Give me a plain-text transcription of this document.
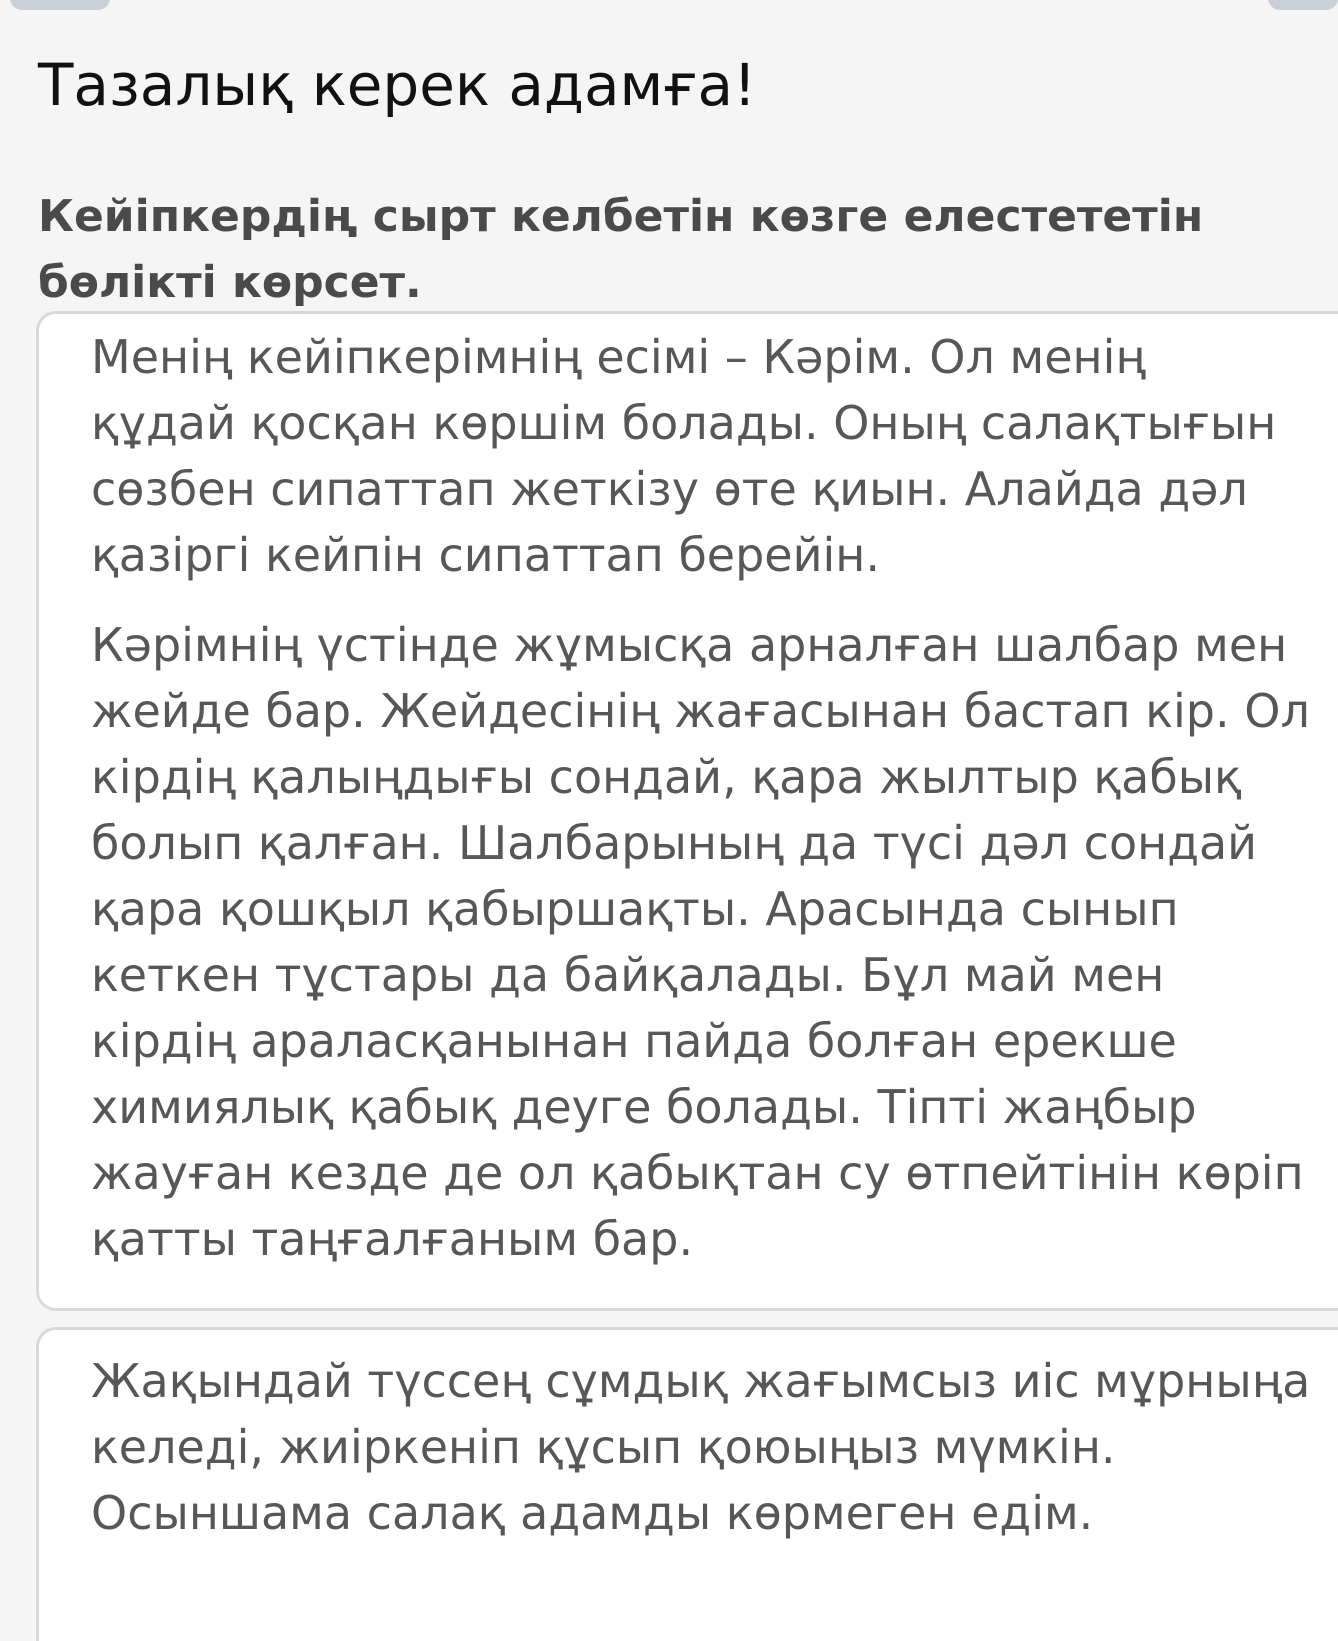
Тазалық керек адамға!
Кейіпкердің сырт келбетін көзге елестететін
бөлікті көрсет.

Менің кейіпкерімнің есімі – Кәрім. Ол менің
құдай қосқан көршім болады. Оның салақтығын
сөзбен сипаттап жеткізу өте қиын. Алайда дәл
қазіргі кейпін сипаттап берейін.

Кәрімнің үстінде жұмысқа арналған шалбар мен
жейде бар. Жейдесінің жағасынан бастап кір. Ол
кірдің қалыңдығы сондай, қара жылтыр қабық
болып қалған. Шалбарының да түсі дәл сондай
қара қошқыл қабыршақты. Арасында сынып
кеткен тұстары да байқалады. Бұл май мен
кірдің араласқанынан пайда болған ерекше
химиялық қабық деуге болады. Тіпті жаңбыр
жауған кезде де ол қабықтан су өтпейтінін көріп
қатты таңғалғаным бар.

Жақындай түссең сұмдық жағымсыз иіс мұрныңа
келеді, жиіркеніп құсып қоюыңыз мүмкін.
Осыншама салақ адамды көрмеген едім.
